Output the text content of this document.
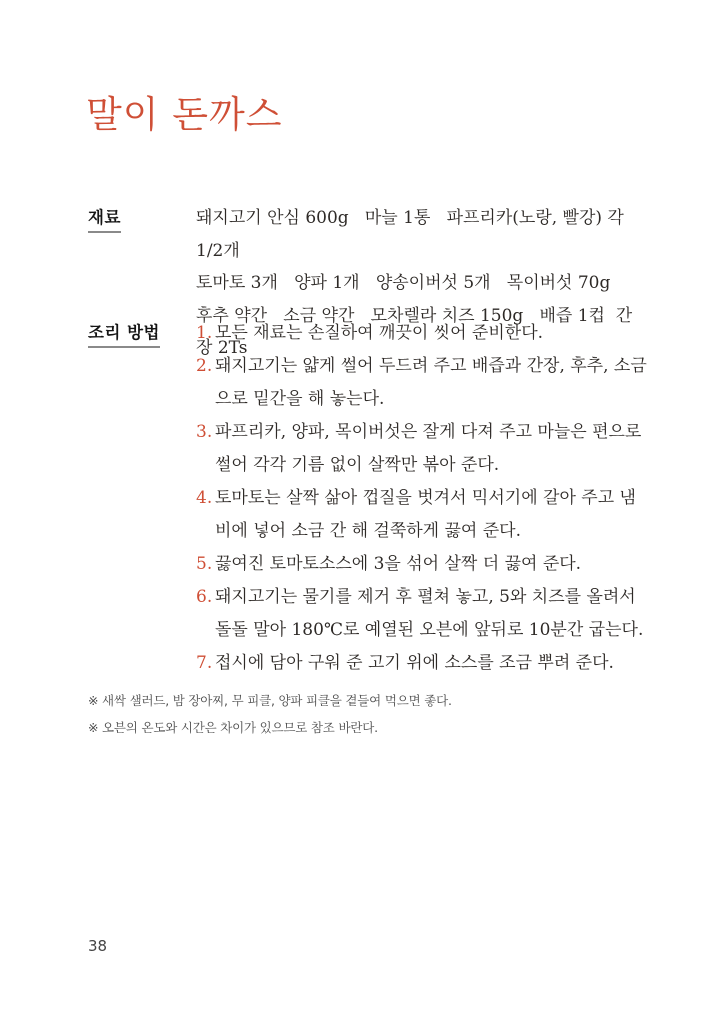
말이 돈까스
재료	돼지고기 안심 600g   마늘 1통   파프리카(노랑, 빨강) 각 1/2개

토마토 3개   양파 1개   양송이버섯 5개   목이버섯 70g

후추 약간   소금 약간   모차렐라 치즈 150g   배즙 1컵  간장 2Ts

조리 방법	1. 모든 재료는 손질하여 깨끗이 씻어 준비한다.
2. 돼지고기는 얇게 썰어 두드려 주고 배즙과 간장, 후추, 소금으로 밑간을 해 놓는다.
3. 파프리카, 양파, 목이버섯은 잘게 다져 주고 마늘은 편으로 썰어 각각 기름 없이 살짝만 볶아 준다.
4. 토마토는 살짝 삶아 껍질을 벗겨서 믹서기에 갈아 주고 냄비에 넣어 소금 간 해 걸쭉하게 끓여 준다.
5. 끓여진 토마토소스에 3을 섞어 살짝 더 끓여 준다.
6. 돼지고기는 물기를 제거 후 펼쳐 놓고, 5와 치즈를 올려서 돌돌 말아 180℃로 예열된 오븐에 앞뒤로 10분간 굽는다.
7. 접시에 담아 구워 준 고기 위에 소스를 조금 뿌려 준다.

※ 새싹 샐러드, 밤 장아찌, 무 피클, 양파 피클을 곁들여 먹으면 좋다.

※ 오븐의 온도와 시간은 차이가 있으므로 참조 바란다.

38
